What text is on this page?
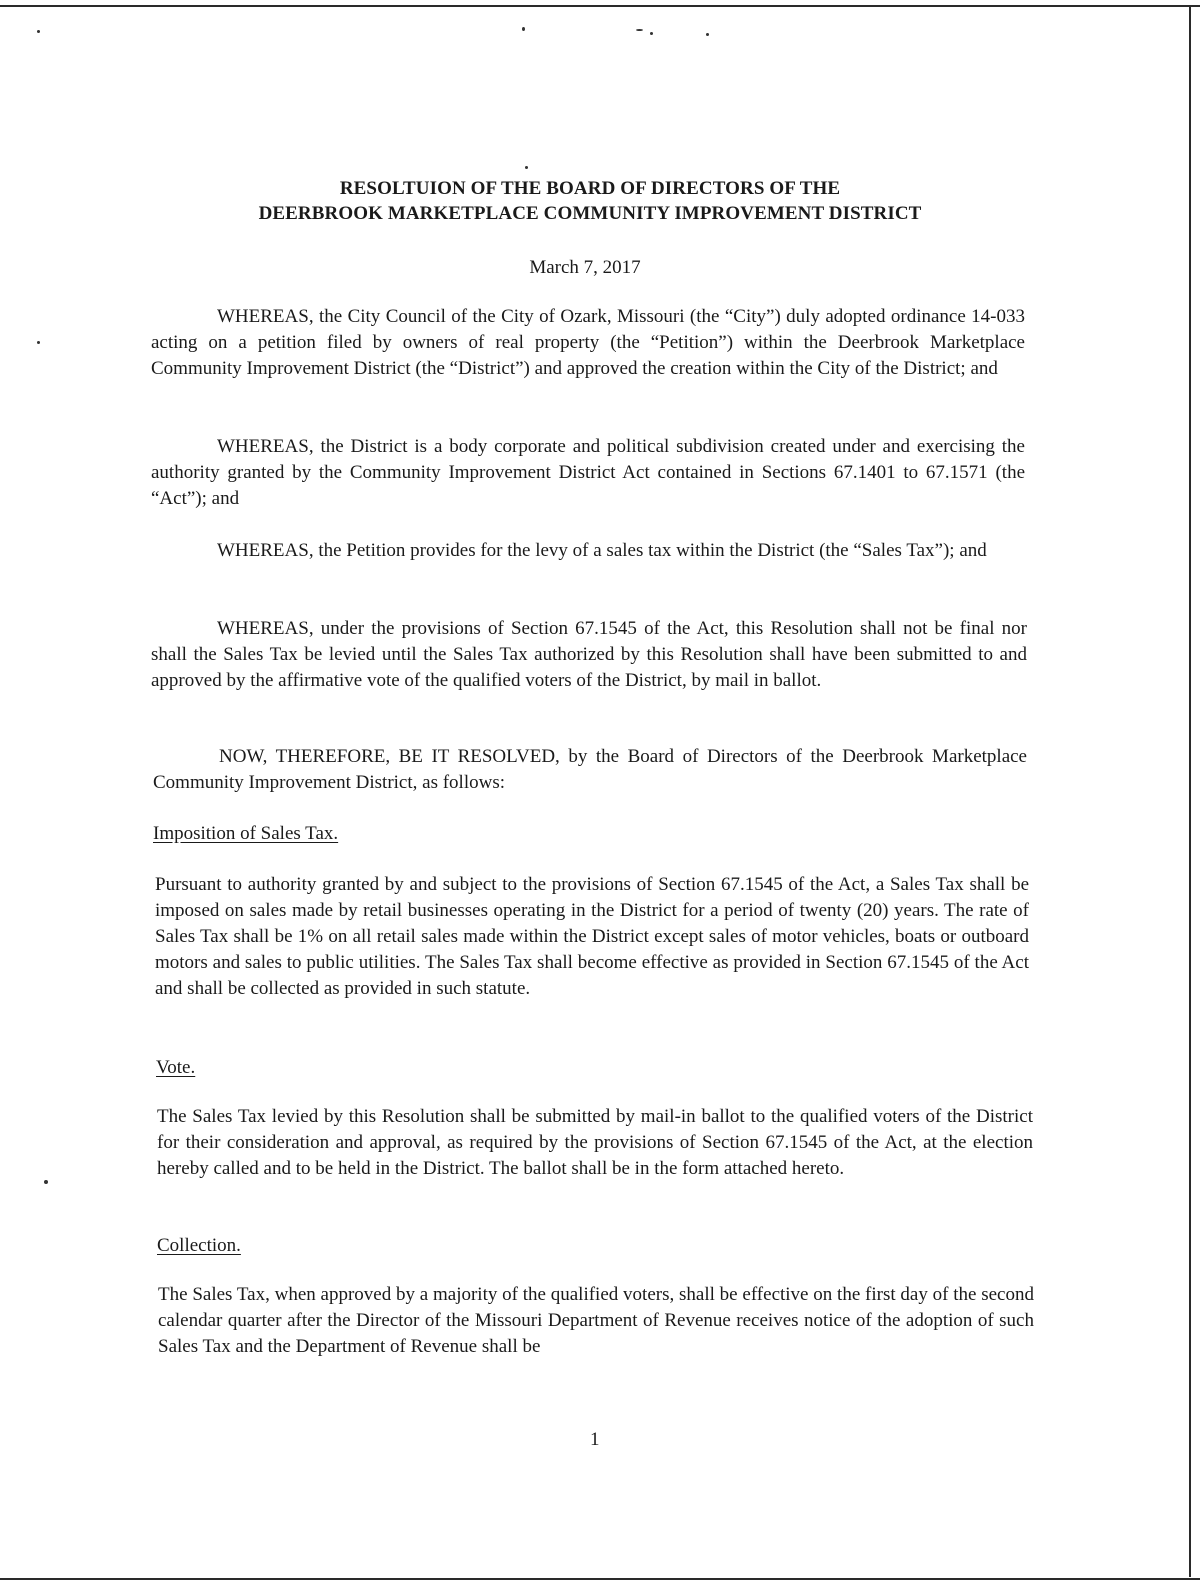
RESOLTUION OF THE BOARD OF DIRECTORS OF THE

DEERBROOK MARKETPLACE COMMUNITY IMPROVEMENT DISTRICT

March 7, 2017

WHEREAS, the City Council of the City of Ozark, Missouri (the “City”) duly adopted ordinance 14-033 acting on a petition filed by owners of real property (the “Petition”) within the Deerbrook Marketplace Community Improvement District (the “District”) and approved the creation within the City of the District; and

WHEREAS, the District is a body corporate and political subdivision created under and exercising the authority granted by the Community Improvement District Act contained in Sections 67.1401 to 67.1571 (the “Act”); and

WHEREAS, the Petition provides for the levy of a sales tax within the District (the “Sales Tax”); and

WHEREAS, under the provisions of Section 67.1545 of the Act, this Resolution shall not be final nor shall the Sales Tax be levied until the Sales Tax authorized by this Resolution shall have been submitted to and approved by the affirmative vote of the qualified voters of the District, by mail in ballot.

NOW, THEREFORE, BE IT RESOLVED, by the Board of Directors of the Deerbrook Marketplace Community Improvement District, as follows:

Imposition of Sales Tax.

Pursuant to authority granted by and subject to the provisions of Section 67.1545 of the Act, a Sales Tax shall be imposed on sales made by retail businesses operating in the District for a period of twenty (20) years. The rate of Sales Tax shall be 1% on all retail sales made within the District except sales of motor vehicles, boats or outboard motors and sales to public utilities. The Sales Tax shall become effective as provided in Section 67.1545 of the Act and shall be collected as provided in such statute.

Vote.

The Sales Tax levied by this Resolution shall be submitted by mail-in ballot to the qualified voters of the District for their consideration and approval, as required by the provisions of Section 67.1545 of the Act, at the election hereby called and to be held in the District. The ballot shall be in the form attached hereto.

Collection.

The Sales Tax, when approved by a majority of the qualified voters, shall be effective on the first day of the second calendar quarter after the Director of the Missouri Department of Revenue receives notice of the adoption of such Sales Tax and the Department of Revenue shall be

1
